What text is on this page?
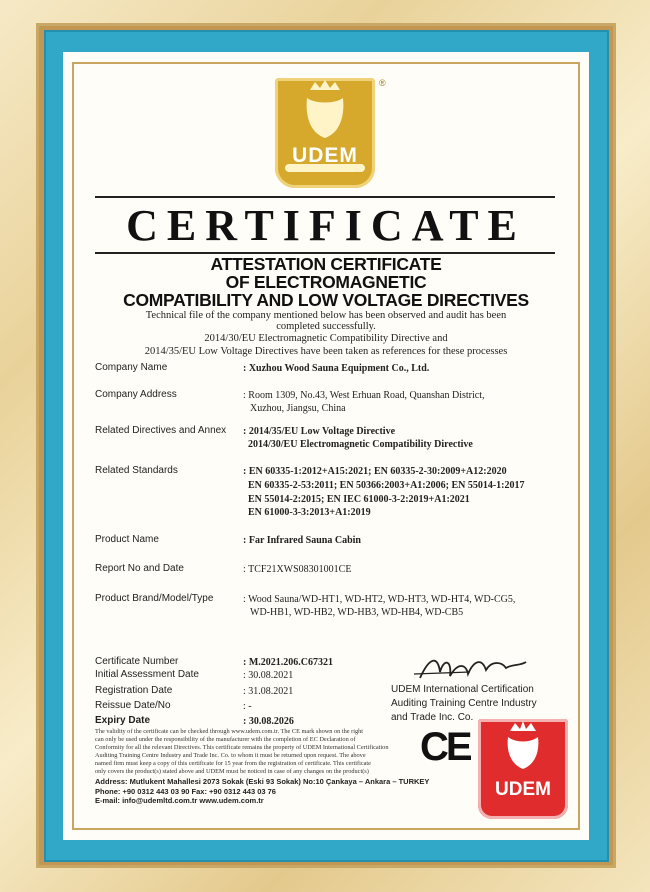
UDEM
®
CERTIFICATE
ATTESTATION CERTIFICATE
OF ELECTROMAGNETIC
COMPATIBILITY AND LOW VOLTAGE DIRECTIVES
Technical file of the company mentioned below has been observed and audit has been
completed successfully.
2014/30/EU Electromagnetic Compatibility Directive and
2014/35/EU Low Voltage Directives have been taken as references for these processes
Company Name	: Xuzhou Wood Sauna Equipment Co., Ltd.
Company Address	: Room 1309, No.43, West Erhuan Road, Quanshan District,
Xuzhou, Jiangsu, China
Related Directives and Annex : 2014/35/EU Low Voltage Directive
2014/30/EU Electromagnetic Compatibility Directive
Related Standards	: EN 60335-1:2012+A15:2021; EN 60335-2-30:2009+A12:2020
EN 60335-2-53:2011; EN 50366:2003+A1:2006; EN 55014-1:2017
EN 55014-2:2015; EN IEC 61000-3-2:2019+A1:2021
EN 61000-3-3:2013+A1:2019
Product Name	: Far Infrared Sauna Cabin
Report No and Date	: TCF21XWS08301001CE
Product Brand/Model/Type	: Wood Sauna/WD-HT1, WD-HT2, WD-HT3, WD-HT4, WD-CG5,
WD-HB1, WD-HB2, WD-HB3, WD-HB4, WD-CB5
Certificate Number	: M.2021.206.C67321
Initial Assessment Date	: 30.08.2021
Registration Date	: 31.08.2021
Reissue Date/No	: -
Expiry Date	: 30.08.2026
UDEM International Certification
Auditing Training Centre Industry
and Trade Inc. Co.
The validity of the certificate can be checked through www.udem.com.tr. The CE mark shown on the right
can only be used under the responsibility of the manufacturer with the completion of EC Declaration of
Conformity for all the relevant Directives. This certificate remains the property of UDEM International Certification
Auditing Training Centre Industry and Trade Inc. Co. to whom it must be returned upon request. The above
named firm must keep a copy of this certificate for 15 year from the registration of certificate. This certificate
only covers the product(s) stated above and UDEM must be noticed in case of any changes on the product(s)
Address: Mutlukent Mahallesi 2073 Sokak (Eski 93 Sokak) No:10 Çankaya – Ankara – TURKEY
Phone: +90 0312 443 03 90 Fax: +90 0312 443 03 76
E-mail: info@udemltd.com.tr www.udem.com.tr
CE
UDEM
